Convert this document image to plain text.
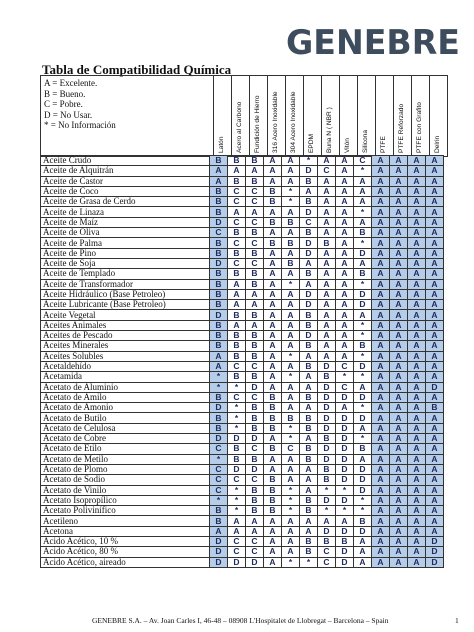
GENEBRE
Tabla de Compatibilidad Química
A = Excelente.
B = Bueno.
C = Pobre.
D = No Usar.
* = No Información

Latón	Acero al Carbono	Fundición de Hierro	316 Acero Inoxidable	304 Acero Inoxidable	EPDM	Buna N ( NBR )	Vitón	Silicona	PTFE	PTFE Reforzado	PTFE con Grafito	Delrin
Aceite Crudo	B	B	B	A	A	*	A	A	C	A	A	A	A
Aceite de Alquitrán	A	A	A	A	A	D	C	A	*	A	A	A	A
Aceite de Castor	A	B	B	A	A	B	A	A	A	A	A	A	A
Aceite de Coco	B	C	C	B	*	A	A	A	A	A	A	A	A
Aceite de Grasa de Cerdo	B	C	C	B	*	B	A	A	A	A	A	A	A
Aceite de Linaza	B	A	A	A	A	D	A	A	*	A	A	A	A
Aceite de Maíz	D	C	C	B	B	C	A	A	A	A	A	A	A
Aceite de Oliva	C	B	B	A	A	B	A	A	B	A	A	A	A
Aceite de Palma	B	C	C	B	B	D	B	A	*	A	A	A	A
Aceite de Pino	B	B	B	A	A	D	A	A	D	A	A	A	A
Aceite de Soja	D	C	C	A	B	A	A	A	A	A	A	A	A
Aceite de Templado	B	B	B	A	A	B	A	A	B	A	A	A	A
Aceite de Transformador	B	A	B	A	*	A	A	A	*	A	A	A	A
Aceite Hidráulico (Base Petroleo)	B	A	A	A	A	D	A	A	D	A	A	A	A
Aceite Lubricante (Base Petroleo)	B	A	A	A	A	D	A	A	D	A	A	A	A
Aceite Vegetal	D	B	B	A	A	B	A	A	A	A	A	A	A
Aceites Animales	B	A	A	A	A	B	A	A	*	A	A	A	A
Aceites de Pescado	B	B	B	A	A	D	A	A	*	A	A	A	A
Aceites Minerales	B	B	B	A	A	B	A	A	B	A	A	A	A
Aceites Solubles	A	B	B	A	*	A	A	A	*	A	A	A	A
Acetaldehído	A	C	C	A	A	B	D	C	D	A	A	A	A
Acetamida	*	B	B	A	*	A	B	*	*	A	A	A	A
Acetato de Aluminio	*	*	D	A	A	A	D	C	A	A	A	A	D
Acetato de Amilo	B	C	C	B	A	B	D	D	D	A	A	A	A
Acetato de Amonio	D	*	B	B	A	A	D	A	*	A	A	A	B
Acetato de Butilo	B	*	B	B	B	B	D	D	D	A	A	A	A
Acetato de Celulosa	B	*	B	B	*	B	D	D	A	A	A	A	A
Acetato de Cobre	D	D	D	A	*	A	B	D	*	A	A	A	A
Acetato de Etilo	C	B	C	B	C	B	D	D	B	A	A	A	A
Acetato de Metilo	*	B	B	A	A	B	D	D	A	A	A	A	A
Acetato de Plomo	C	D	D	A	A	A	B	D	D	A	A	A	A
Acetato de Sodio	C	C	C	B	A	A	B	D	D	A	A	A	A
Acetato de Vinilo	C	*	B	B	*	A	*	*	D	A	A	A	A
Acetato Isopropílico	*	*	B	B	*	B	D	D	*	A	A	A	A
Acetato Polivinífico	B	*	B	B	*	B	*	*	*	A	A	A	A
Acetileno	B	A	A	A	A	A	A	A	B	A	A	A	A
Acetona	A	A	A	A	A	A	D	D	D	A	A	A	A
Acido Acético, 10 %	D	C	C	A	A	B	B	B	A	A	A	A	D
Acido Acético, 80 %	D	C	C	A	A	B	C	D	A	A	A	A	D
Acido Acético, aireado	D	D	D	A	*	*	C	D	A	A	A	A	D
GENEBRE S.A. – Av. Joan Carles I, 46-48 – 08908 L'Hospitalet de Llobregat – Barcelona – Spain	1
